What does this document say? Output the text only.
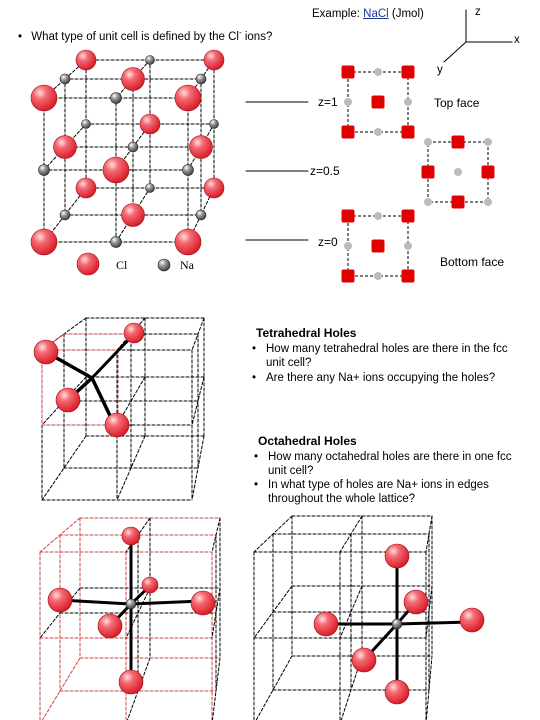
Example: NaCl (Jmol)
• What type of unit cell is defined by the Cl- ions?
z
x
y
z=1
z=0.5
z=0
Top face
Bottom face
Cl	Na
Tetrahedral Holes
• How many tetrahedral holes are there in the fcc unit cell?
• Are there any Na+ ions occupying the holes?
Octahedral Holes
• How many octahedral holes are there in one fcc unit cell?
• In what type of holes are Na+ ions in edges throughout the whole lattice?
